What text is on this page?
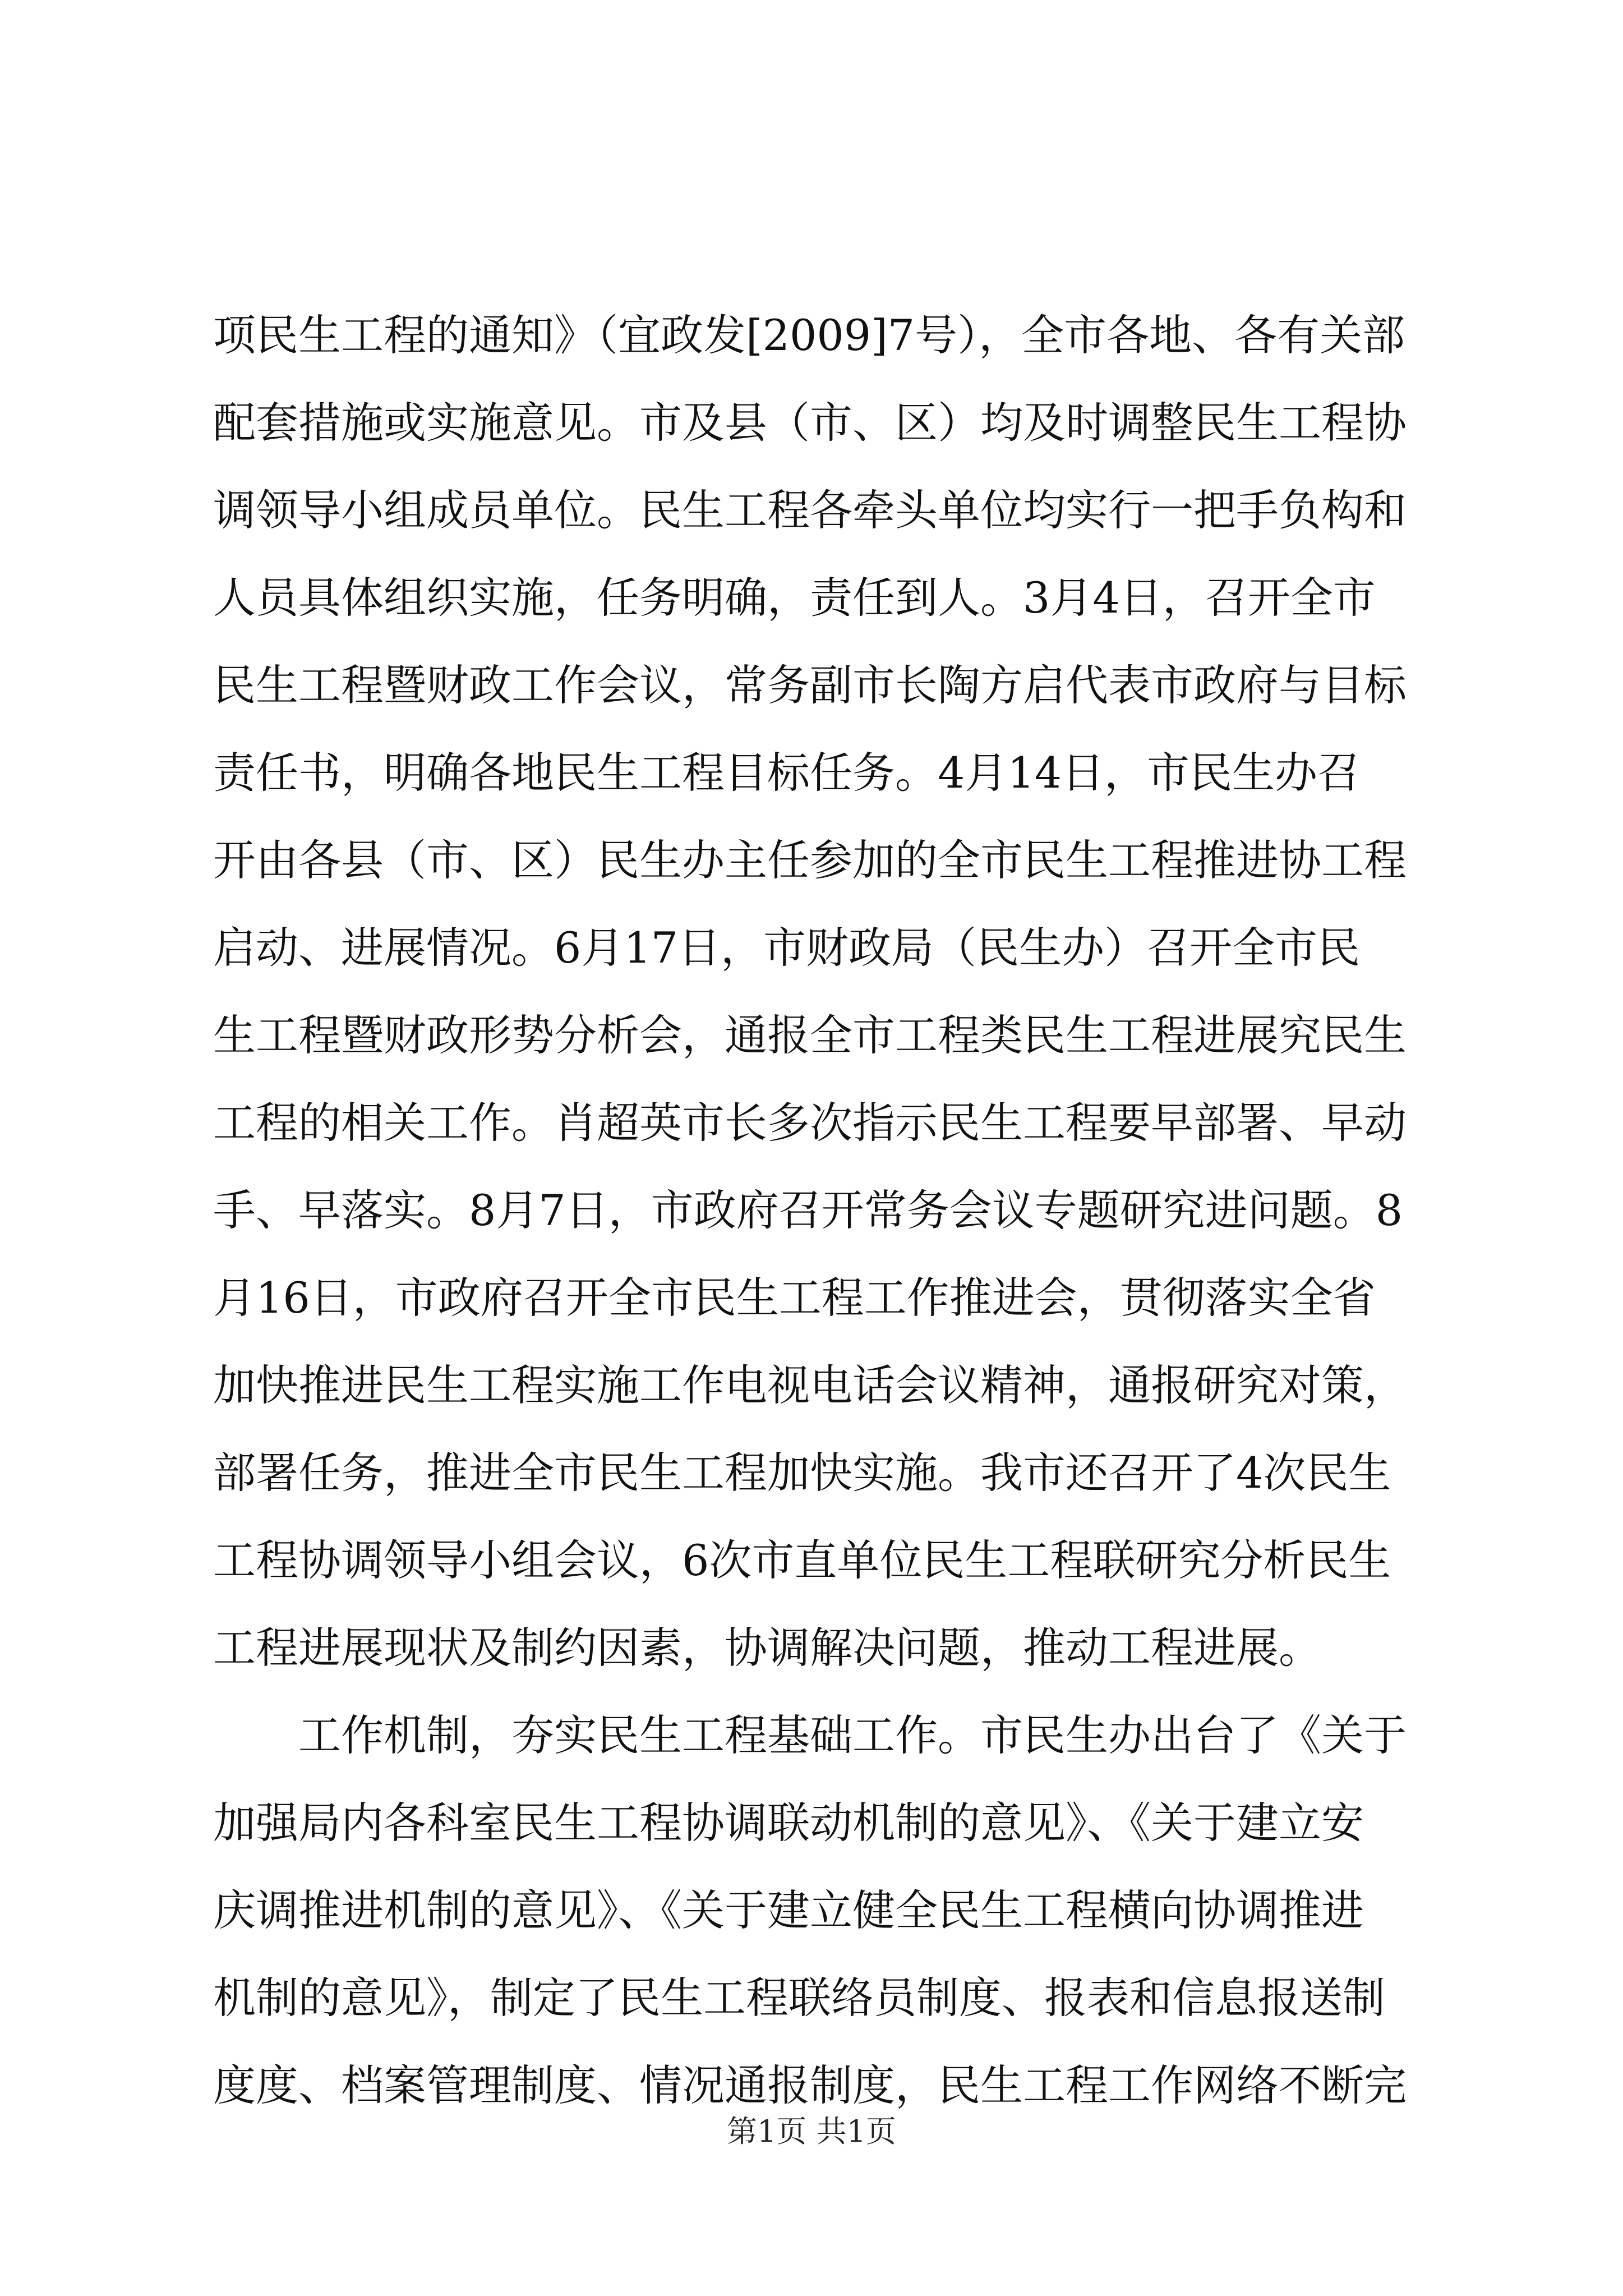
项民生工程的通知》（宜政发[2009]7号），全市各地、各有关部
配套措施或实施意见。市及县（市、区）均及时调整民生工程协
调领导小组成员单位。民生工程各牵头单位均实行一把手负构和
人员具体组织实施，任务明确，责任到人。3月4日，召开全市
民生工程暨财政工作会议，常务副市长陶方启代表市政府与目标
责任书，明确各地民生工程目标任务。4月14日，市民生办召
开由各县（市、区）民生办主任参加的全市民生工程推进协工程
启动、进展情况。6月17日，市财政局（民生办）召开全市民
生工程暨财政形势分析会，通报全市工程类民生工程进展究民生
工程的相关工作。肖超英市长多次指示民生工程要早部署、早动
手、早落实。8月7日，市政府召开常务会议专题研究进问题。8
月16日，市政府召开全市民生工程工作推进会，贯彻落实全省
加快推进民生工程实施工作电视电话会议精神，通报研究对策，
部署任务，推进全市民生工程加快实施。我市还召开了4次民生
工程协调领导小组会议，6次市直单位民生工程联研究分析民生
工程进展现状及制约因素，协调解决问题，推动工程进展。
工作机制，夯实民生工程基础工作。市民生办出台了《关于
加强局内各科室民生工程协调联动机制的意见》、《关于建立安
庆调推进机制的意见》、《关于建立健全民生工程横向协调推进
机制的意见》，制定了民生工程联络员制度、报表和信息报送制
度度、档案管理制度、情况通报制度，民生工程工作网络不断完
第1页 共1页
